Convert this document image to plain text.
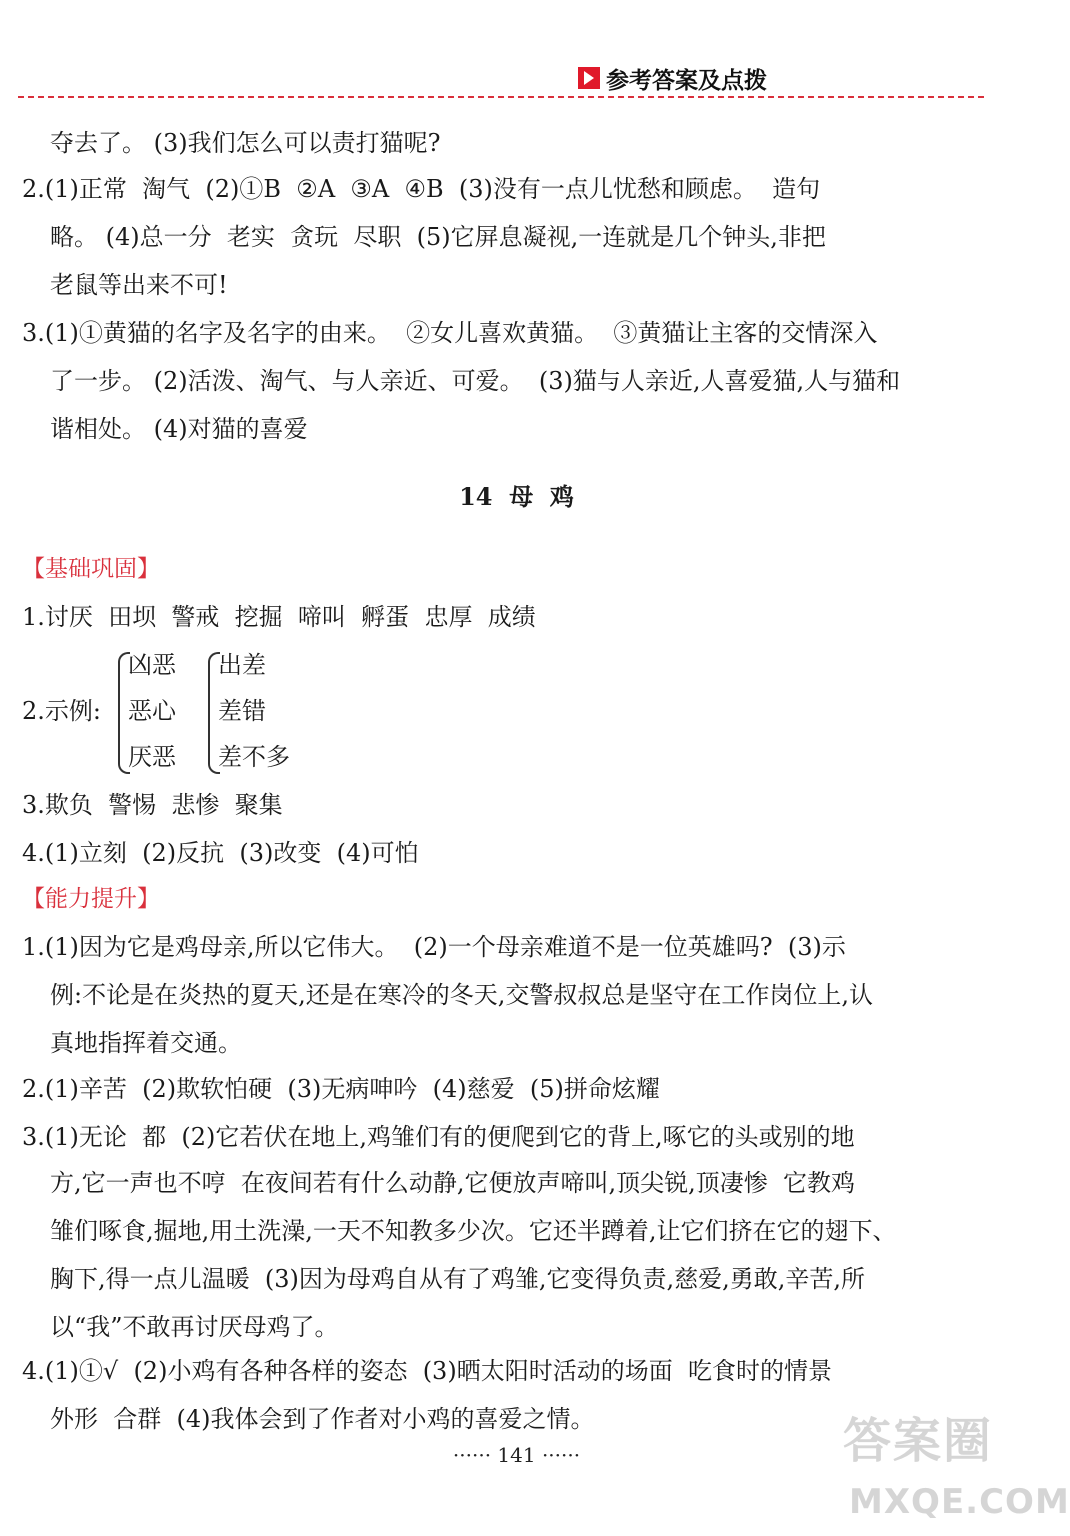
参考答案及点拨
夺去了。 (3)我们怎么可以责打猫呢?
2.(1)正常  淘气  (2)①B  ②A  ③A  ④B  (3)没有一点儿忧愁和顾虑。  造句
略。 (4)总一分  老实  贪玩  尽职  (5)它屏息凝视,一连就是几个钟头,非把
老鼠等出来不可!
3.(1)①黄猫的名字及名字的由来。  ②女儿喜欢黄猫。  ③黄猫让主客的交情深入
了一步。 (2)活泼、淘气、与人亲近、可爱。  (3)猫与人亲近,人喜爱猫,人与猫和
谐相处。 (4)对猫的喜爱
14  母  鸡
【基础巩固】
1.讨厌  田坝  警戒  挖掘  啼叫  孵蛋  忠厚  成绩
2.示例:
凶恶
恶心
厌恶
出差
差错
差不多
3.欺负  警惕  悲惨  聚集
4.(1)立刻  (2)反抗  (3)改变  (4)可怕
【能力提升】
1.(1)因为它是鸡母亲,所以它伟大。  (2)一个母亲难道不是一位英雄吗?  (3)示
例:不论是在炎热的夏天,还是在寒冷的冬天,交警叔叔总是坚守在工作岗位上,认
真地指挥着交通。
2.(1)辛苦  (2)欺软怕硬  (3)无病呻吟  (4)慈爱  (5)拼命炫耀
3.(1)无论  都  (2)它若伏在地上,鸡雏们有的便爬到它的背上,啄它的头或别的地
方,它一声也不哼  在夜间若有什么动静,它便放声啼叫,顶尖锐,顶凄惨  它教鸡
雏们啄食,掘地,用土洗澡,一天不知教多少次。它还半蹲着,让它们挤在它的翅下、
胸下,得一点儿温暖  (3)因为母鸡自从有了鸡雏,它变得负责,慈爱,勇敢,辛苦,所
以“我”不敢再讨厌母鸡了。
4.(1)①√  (2)小鸡有各种各样的姿态  (3)晒太阳时活动的场面  吃食时的情景
外形  合群  (4)我体会到了作者对小鸡的喜爱之情。
······ 141 ······	答案圈
MXQE.COM
